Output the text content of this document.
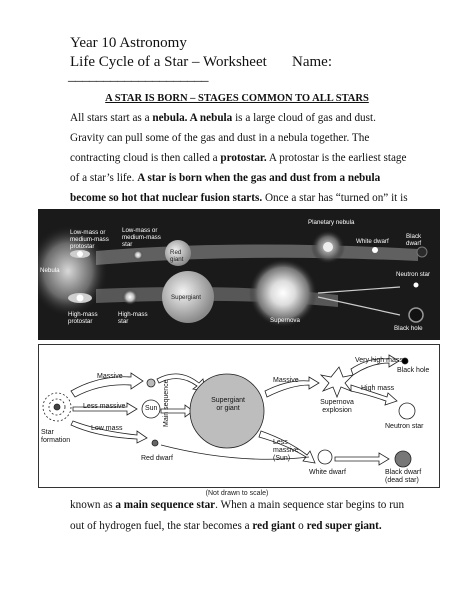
Year 10 Astronomy
Life Cycle of a Star – Worksheet Name:
____________________
A STAR IS BORN – STAGES COMMON TO ALL STARS
All stars start as a nebula. A nebula is a large cloud of gas and dust.
Gravity can pull some of the gas and dust in a nebula together. The
contracting cloud is then called a protostar. A protostar is the earliest stage
of a star’s life. A star is born when the gas and dust from a nebula
become so hot that nuclear fusion starts. Once a star has “turned on” it is
Nebula
Low-mass or medium-mass protostar
Low-mass or medium-mass star
Red giant
Planetary nebula
White dwarf
Black dwarf
High-mass protostar
High-mass star
Supergiant
Supernova
Neutron star
Black hole
Star formation
Massive
Less massive
Low mass
Sun Main sequence	Supergiant or giant
Massive
Very high mass
High mass
Supernova explosion
Black hole
Neutron star
Less massive (Sun)
Red dwarf
White dwarf	Black dwarf (dead star)
(Not drawn to scale)
known as a main sequence star. When a main sequence star begins to run
out of hydrogen fuel, the star becomes a red giant o red super giant.
